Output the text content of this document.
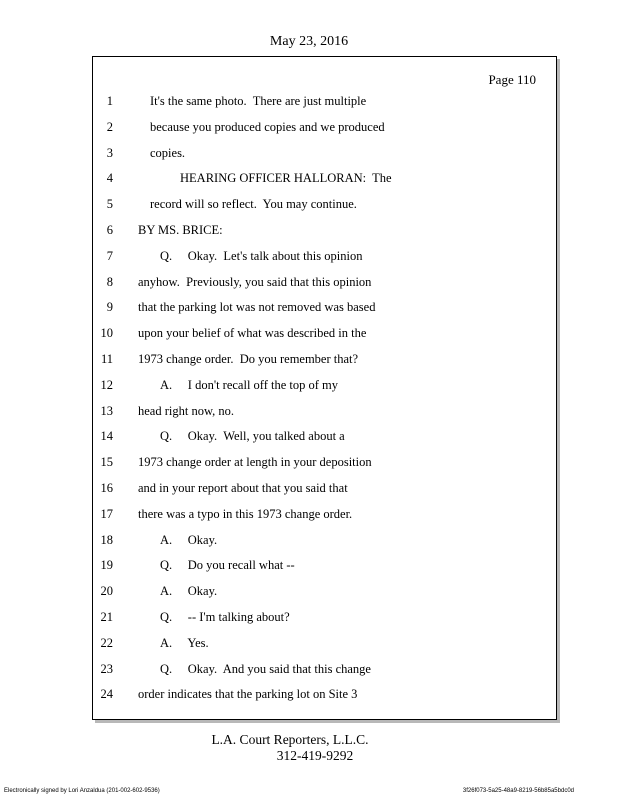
May 23, 2016
Page 110
1	It's the same photo.  There are just multiple
2	because you produced copies and we produced
3	copies.
4	HEARING OFFICER HALLORAN:  The
5	record will so reflect.  You may continue.
6 BY MS. BRICE:
7	Q.     Okay.  Let's talk about this opinion
8 anyhow.  Previously, you said that this opinion
9 that the parking lot was not removed was based
10 upon your belief of what was described in the
11 1973 change order.  Do you remember that?
12	A.     I don't recall off the top of my
13 head right now, no.
14	Q.     Okay.  Well, you talked about a
15 1973 change order at length in your deposition
16 and in your report about that you said that
17 there was a typo in this 1973 change order.
18	A.     Okay.
19	Q.     Do you recall what --
20	A.     Okay.
21	Q.     -- I'm talking about?
22	A.     Yes.
23	Q.     Okay.  And you said that this change
24 order indicates that the parking lot on Site 3
L.A. Court Reporters, L.L.C.
312-419-9292
Electronically signed by Lori Anzaldua (201-002-602-9536)	3f26f073-5a25-48a9-8219-56b85a5bdc0d
